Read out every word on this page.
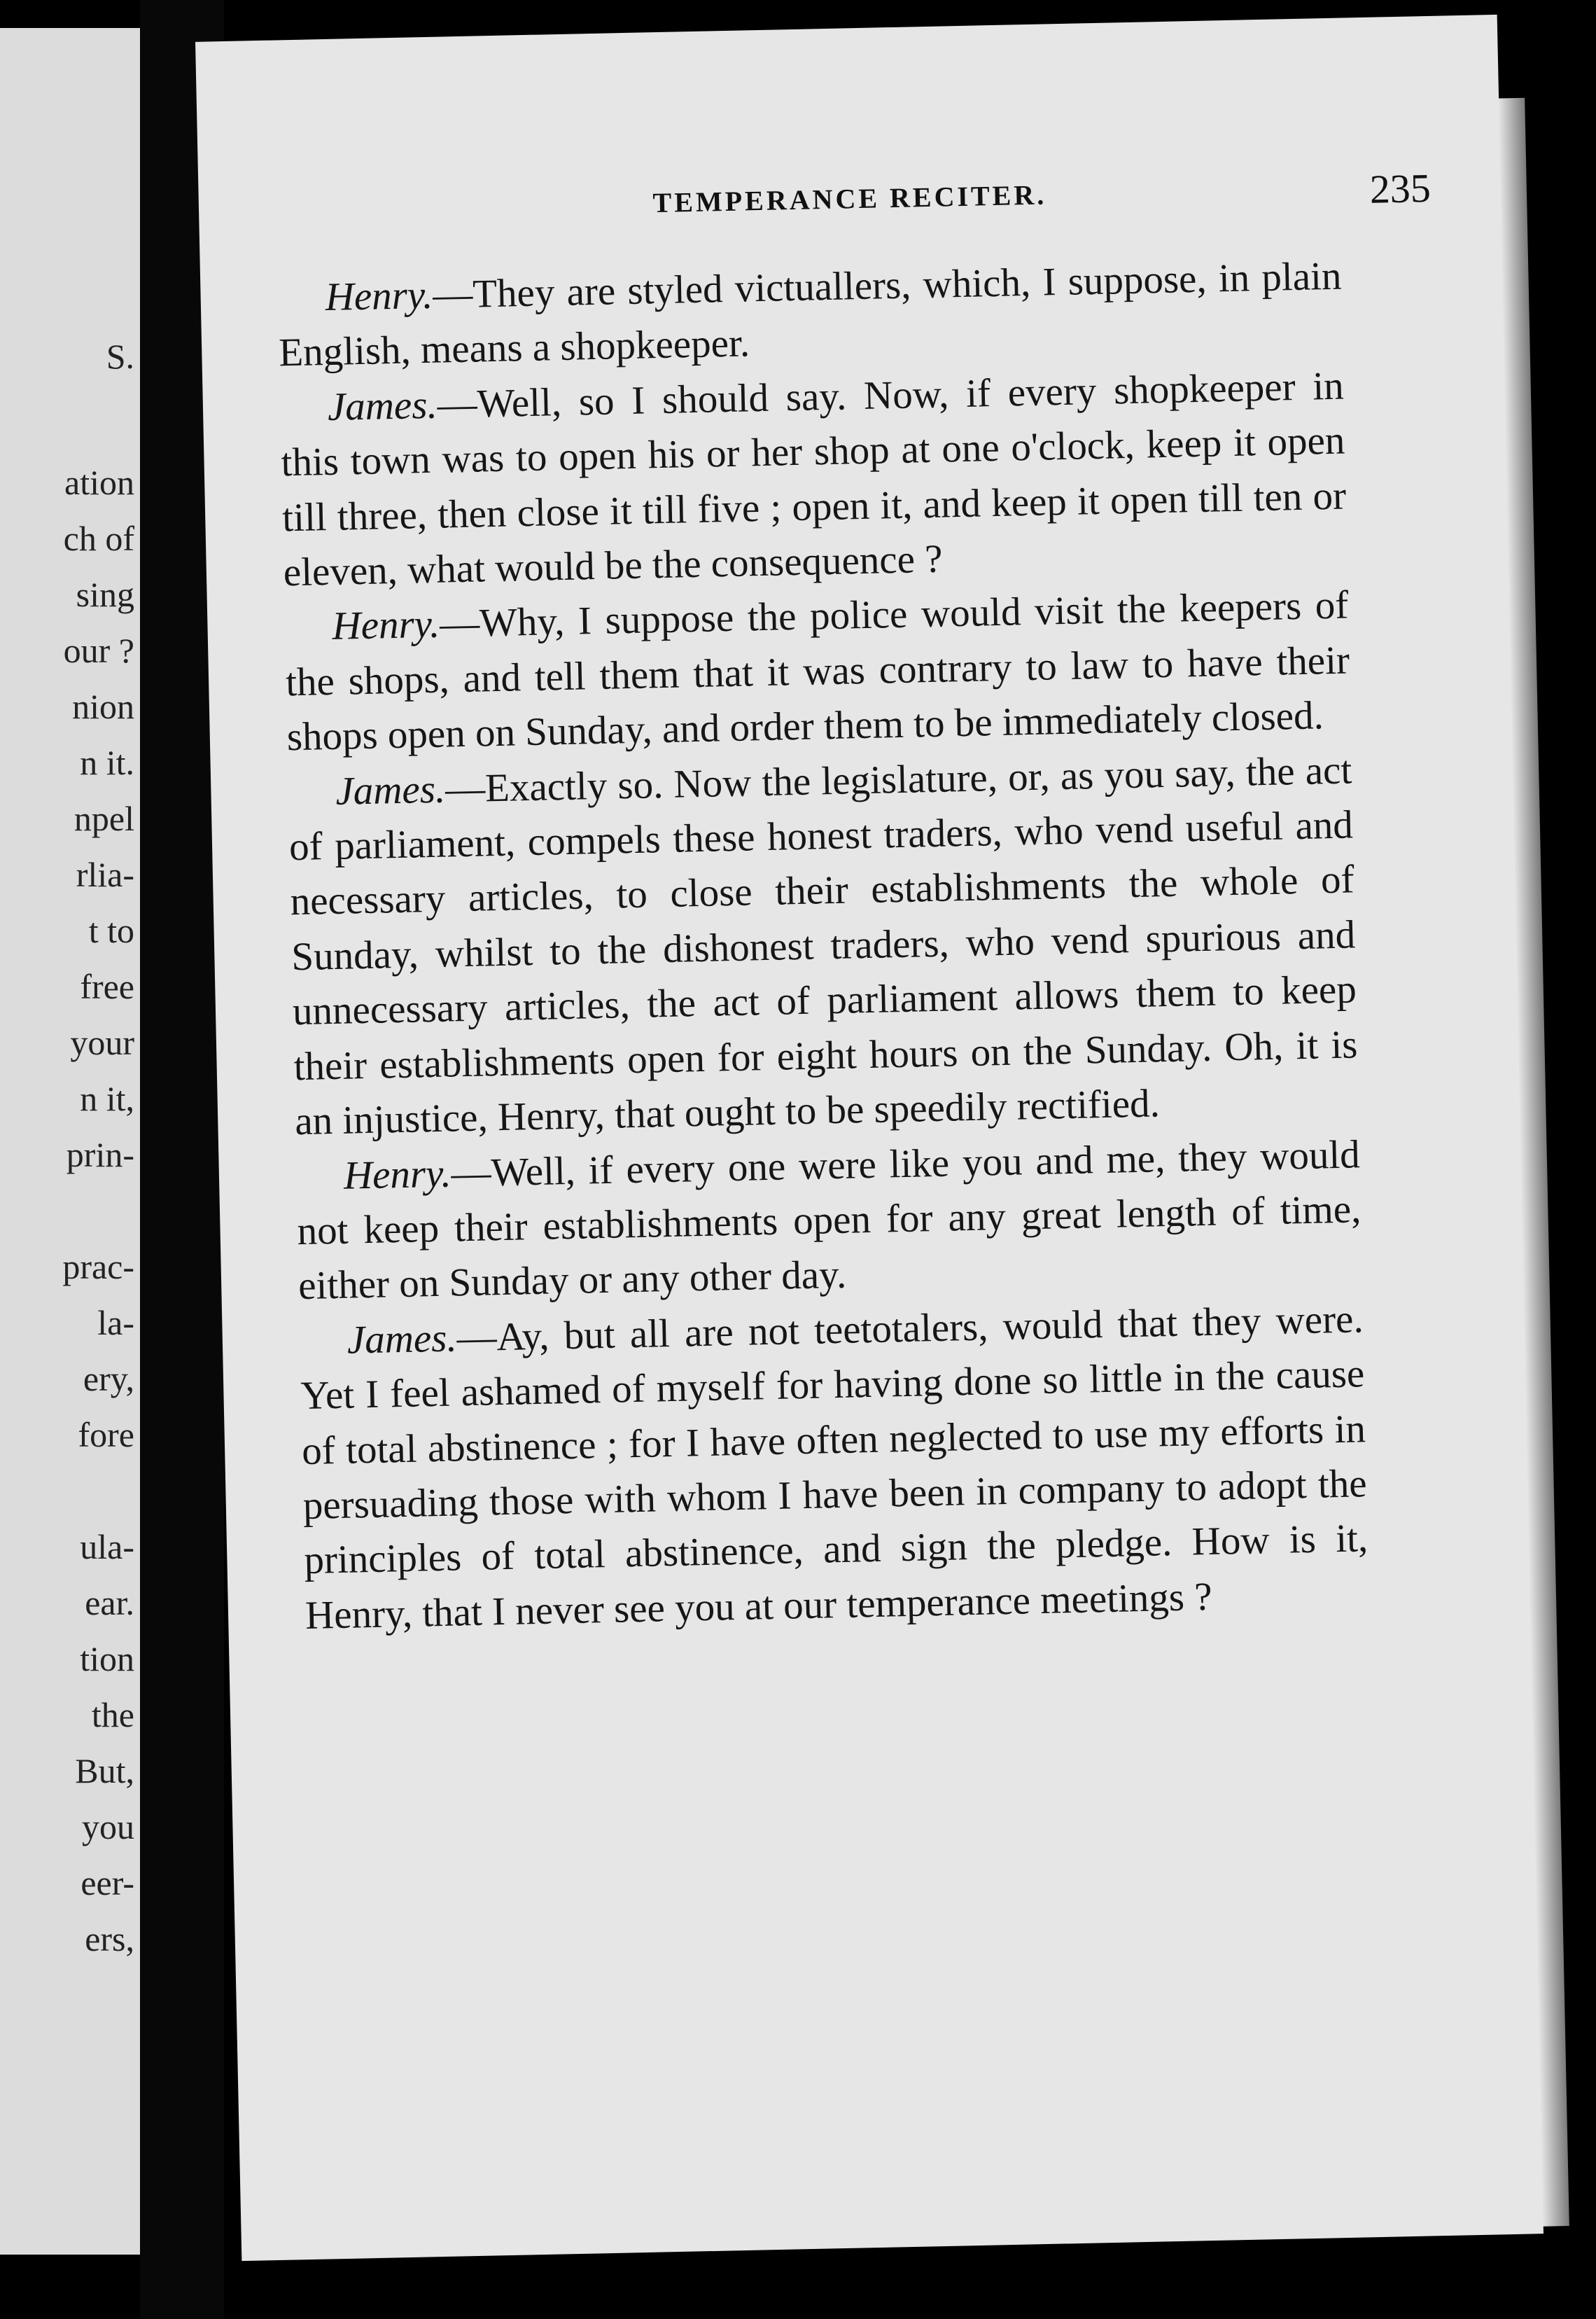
S.
ation
ch of
sing
our ?
nion
n it.
npel
rlia-
t to
free
your
n it,
prin-
prac-
la-
ery,
fore
ula-
ear.
tion
the
But,
you
eer-
ers,
TEMPERANCE RECITER.	235

Henry.—They are styled victuallers, which, I suppose, in plain English, means a shopkeeper.

James.—Well, so I should say. Now, if every shopkeeper in this town was to open his or her shop at one o'clock, keep it open till three, then close it till five ; open it, and keep it open till ten or eleven, what would be the consequence ?

Henry.—Why, I suppose the police would visit the keepers of the shops, and tell them that it was contrary to law to have their shops open on Sunday, and order them to be immediately closed.

James.—Exactly so. Now the legislature, or, as you say, the act of parliament, compels these honest traders, who vend useful and necessary articles, to close their establishments the whole of Sunday, whilst to the dishonest traders, who vend spurious and unnecessary articles, the act of parliament allows them to keep their establishments open for eight hours on the Sunday. Oh, it is an injustice, Henry, that ought to be speedily rectified.

Henry.—Well, if every one were like you and me, they would not keep their establishments open for any great length of time, either on Sunday or any other day.

James.—Ay, but all are not teetotalers, would that they were. Yet I feel ashamed of myself for having done so little in the cause of total abstinence ; for I have often neglected to use my efforts in persuading those with whom I have been in company to adopt the principles of total abstinence, and sign the pledge. How is it, Henry, that I never see you at our temperance meetings ?
